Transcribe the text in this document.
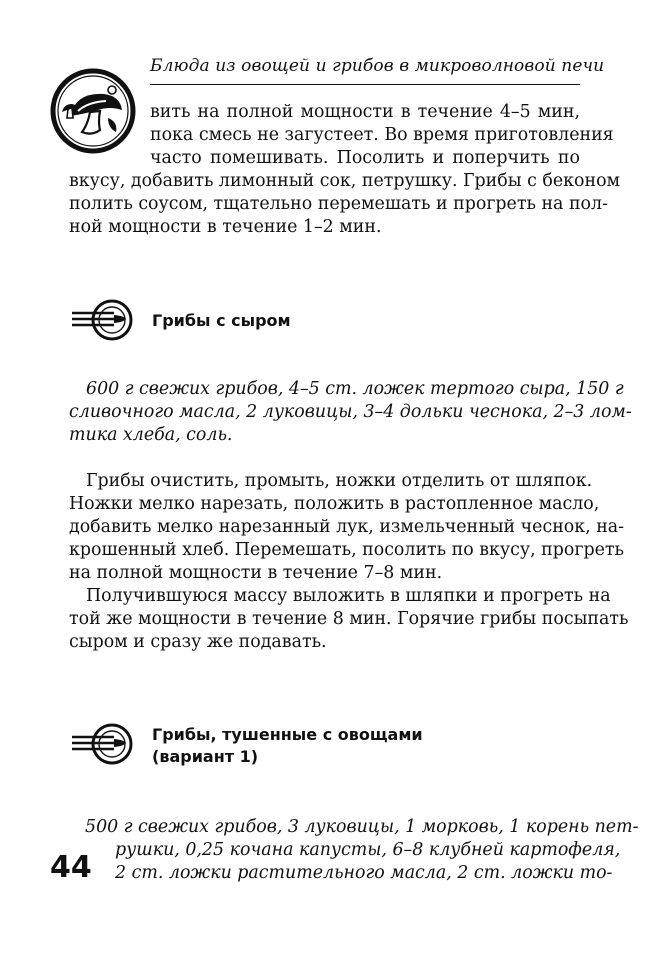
Блюда из овощей и грибов в микроволновой печи
вить на полной мощности в течение 4–5 мин,
пока смесь не загустеет. Во время приготовления
часто помешивать. Посолить и поперчить по
вкусу, добавить лимонный сок, петрушку. Грибы с беконом
полить соусом, тщательно перемешать и прогреть на пол-
ной мощности в течение 1–2 мин.
Грибы с сыром
600 г свежих грибов, 4–5 ст. ложек тертого сыра, 150 г
сливочного масла, 2 луковицы, 3–4 дольки чеснока, 2–3 лом-
тика хлеба, соль.
Грибы очистить, промыть, ножки отделить от шляпок.
Ножки мелко нарезать, положить в растопленное масло,
добавить мелко нарезанный лук, измельченный чеснок, на-
крошенный хлеб. Перемешать, посолить по вкусу, прогреть
на полной мощности в течение 7–8 мин.
Получившуюся массу выложить в шляпки и прогреть на
той же мощности в течение 8 мин. Горячие грибы посыпать
сыром и сразу же подавать.
Грибы, тушенные с овощами
(вариант 1)
500 г свежих грибов, 3 луковицы, 1 морковь, 1 корень пет-
рушки, 0,25 кочана капусты, 6–8 клубней картофеля,
2 ст. ложки растительного масла, 2 ст. ложки то-
44
